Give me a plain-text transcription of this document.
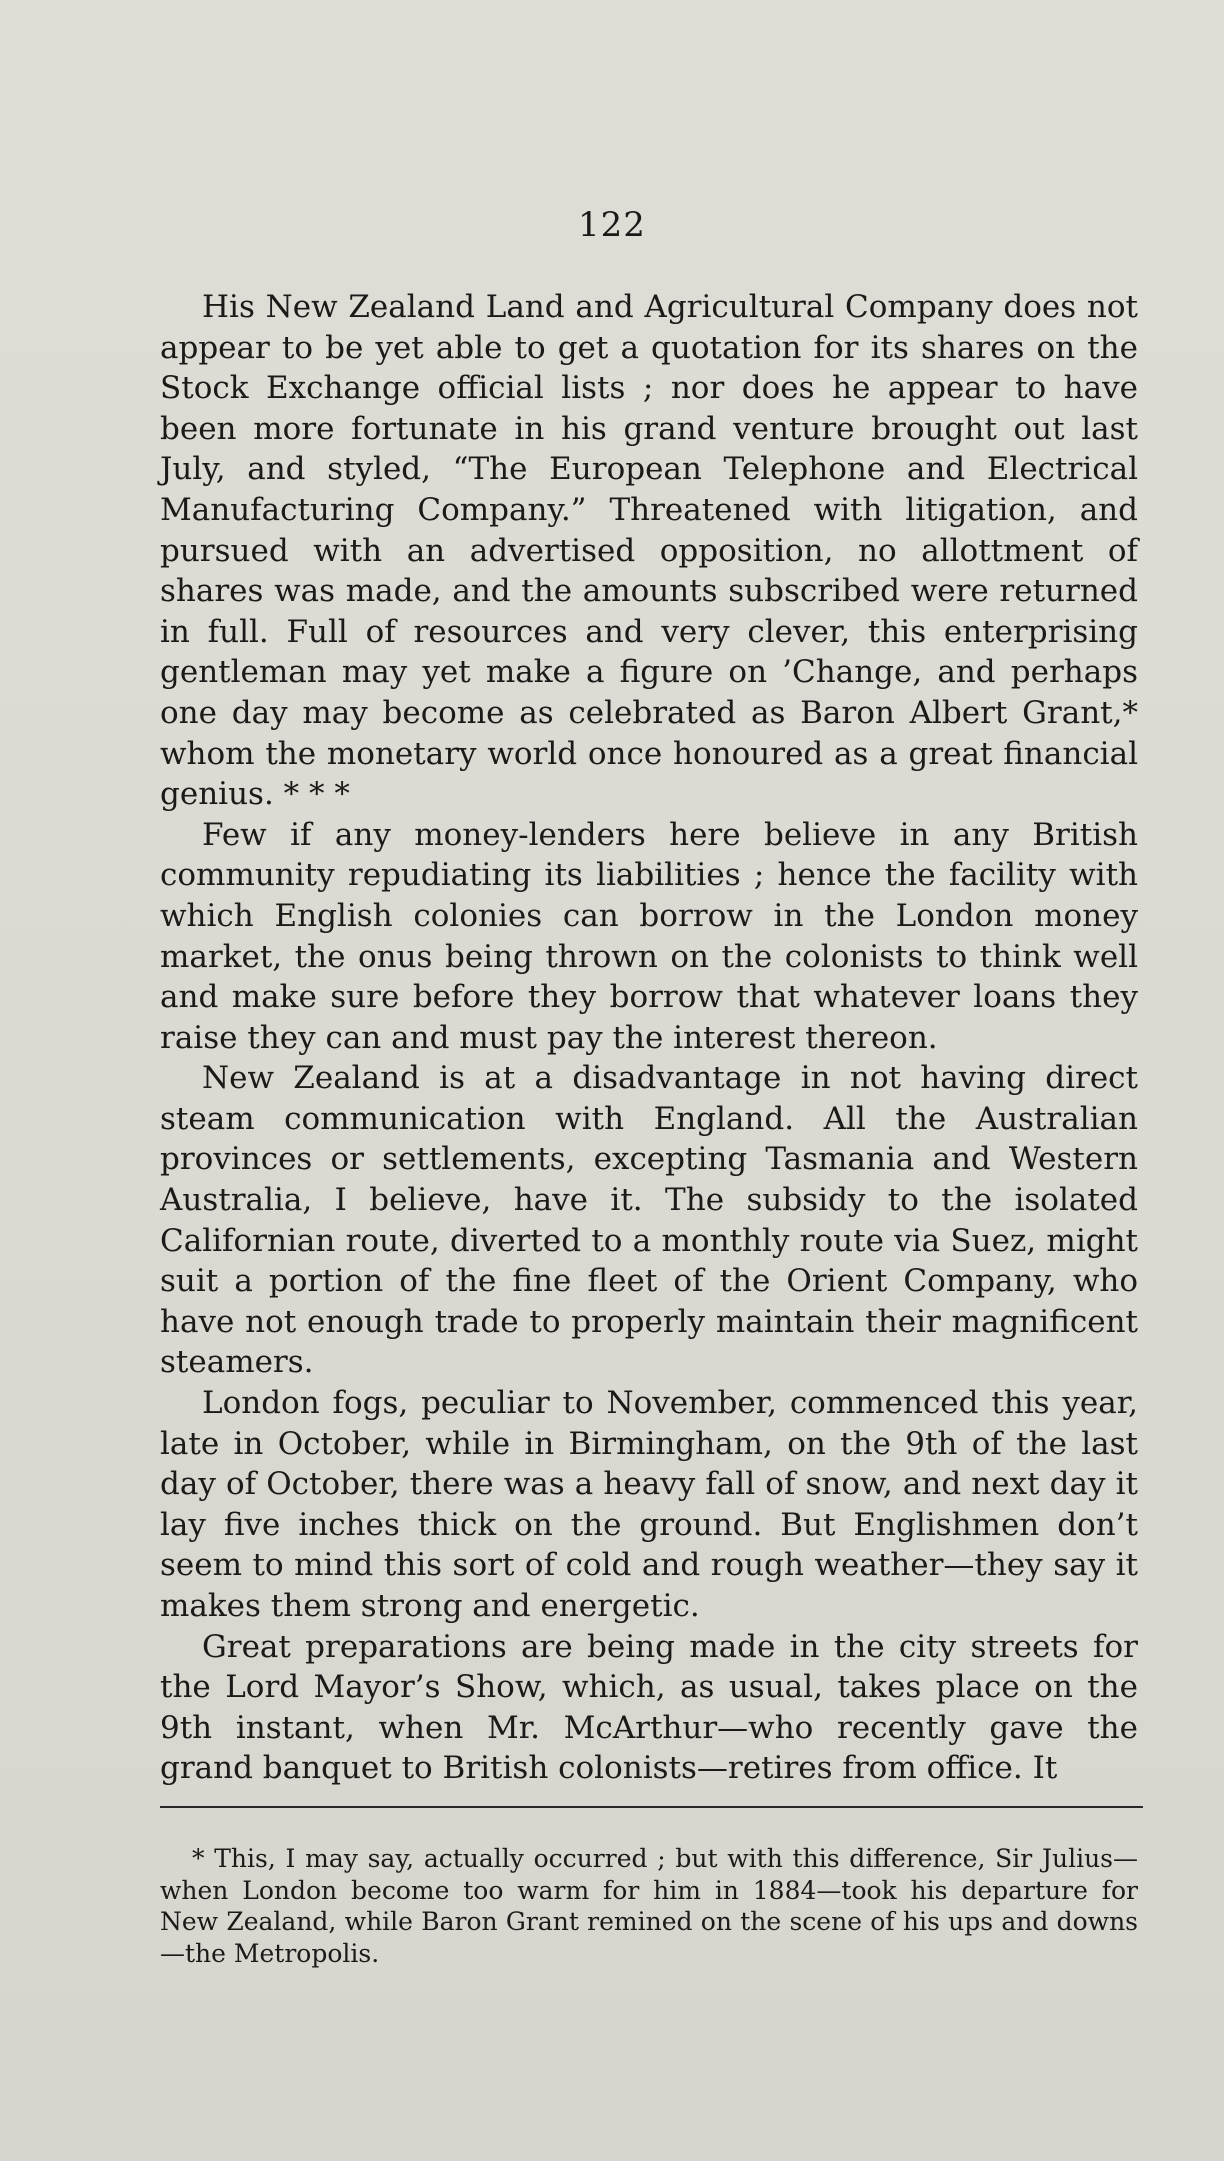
122

His New Zealand Land and Agricultural Company does not appear to be yet able to get a quotation for its shares on the Stock Exchange official lists ; nor does he appear to have been more fortunate in his grand venture brought out last July, and styled, “The European Telephone and Electrical Manufacturing Company.” Threatened with litigation, and pursued with an advertised opposition, no allottment of shares was made, and the amounts subscribed were returned in full. Full of resources and very clever, this enterprising gentleman may yet make a figure on ’Change, and perhaps one day may become as celebrated as Baron Albert Grant,* whom the monetary world once honoured as a great financial genius. * * *

Few if any money-lenders here believe in any British community repudiating its liabilities ; hence the facility with which English colonies can borrow in the London money market, the onus being thrown on the colonists to think well and make sure before they borrow that whatever loans they raise they can and must pay the interest thereon.

New Zealand is at a disadvantage in not having direct steam communication with England. All the Australian provinces or settlements, excepting Tasmania and Western Australia, I believe, have it. The subsidy to the isolated Californian route, diverted to a monthly route via Suez, might suit a portion of the fine fleet of the Orient Company, who have not enough trade to properly maintain their magnificent steamers.

London fogs, peculiar to November, commenced this year, late in October, while in Birmingham, on the 9th of the last day of October, there was a heavy fall of snow, and next day it lay five inches thick on the ground. But Englishmen don’t seem to mind this sort of cold and rough weather—they say it makes them strong and energetic.

Great preparations are being made in the city streets for the Lord Mayor’s Show, which, as usual, takes place on the 9th instant, when Mr. McArthur—who recently gave the grand banquet to British colonists—retires from office. It

* This, I may say, actually occurred ; but with this difference, Sir Julius—when London become too warm for him in 1884—took his departure for New Zealand, while Baron Grant remined on the scene of his ups and downs—the Metropolis.
